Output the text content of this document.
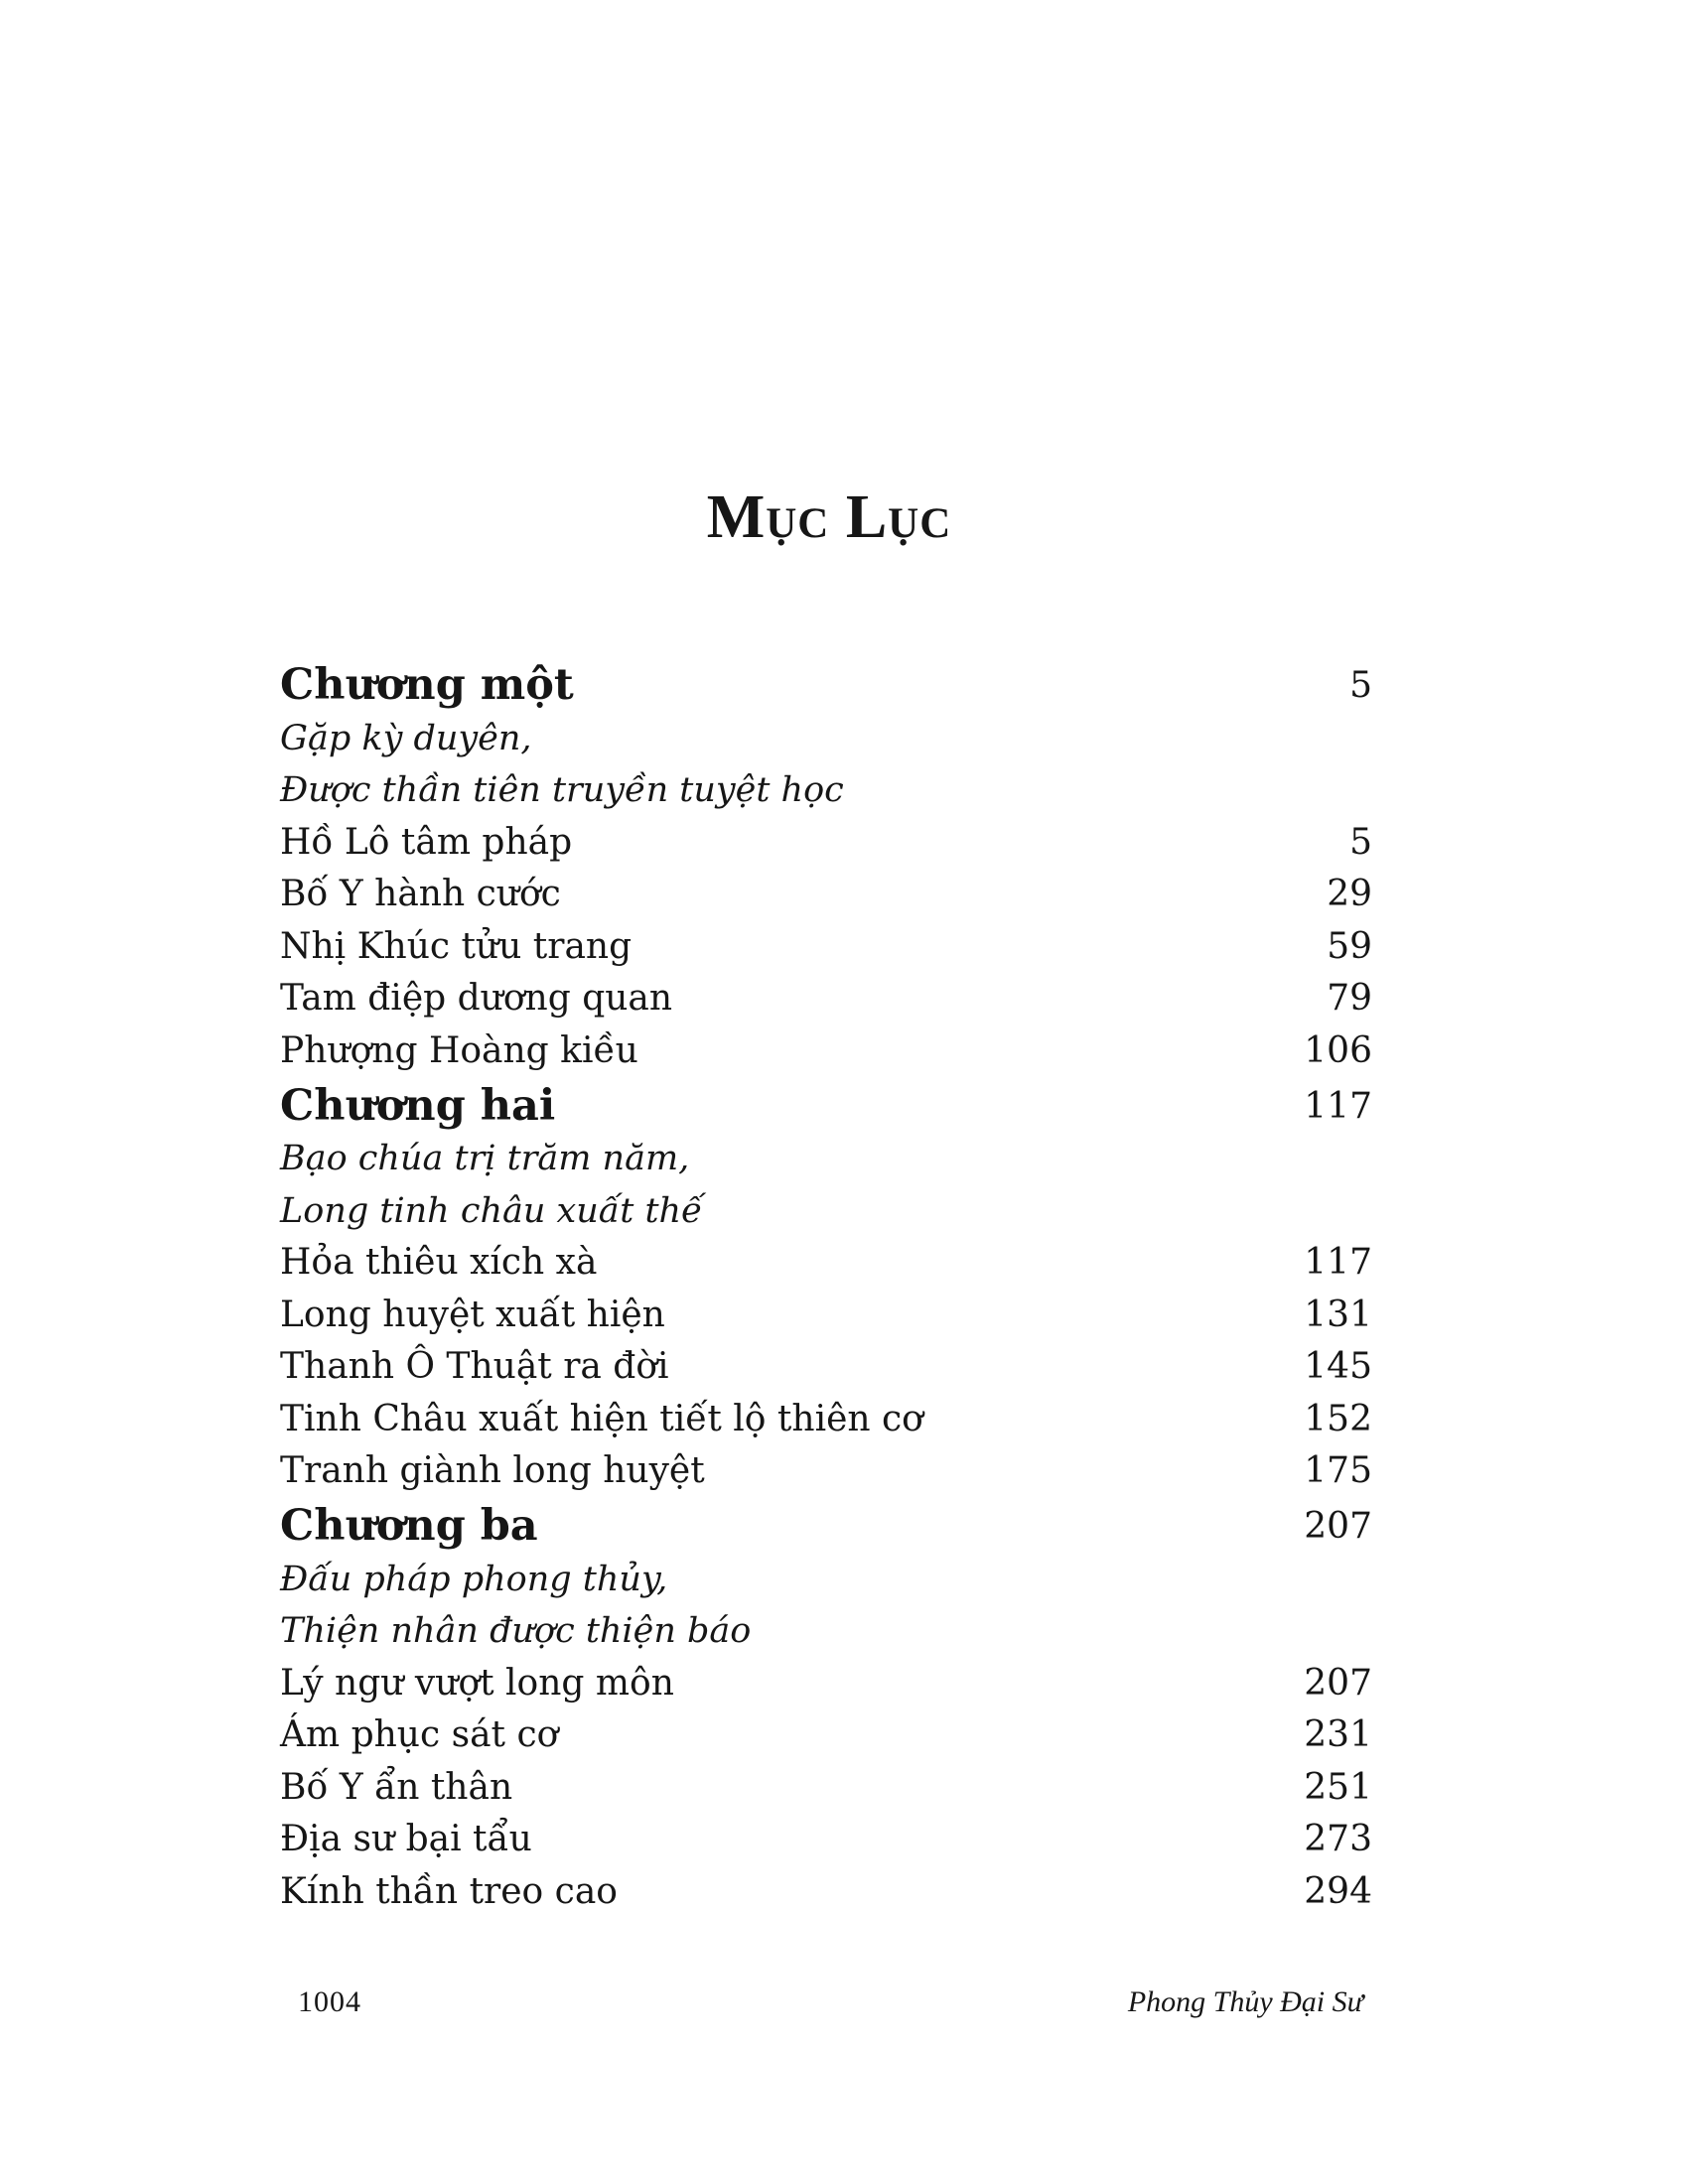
Mục Lục
Chương một	5
Gặp kỳ duyên,
Được thần tiên truyền tuyệt học
Hồ Lô tâm pháp	5
Bố Y hành cước	29
Nhị Khúc tửu trang	59
Tam điệp dương quan	79
Phượng Hoàng kiều	106
Chương hai	117
Bạo chúa trị trăm năm,
Long tinh châu xuất thế
Hỏa thiêu xích xà	117
Long huyệt xuất hiện	131
Thanh Ô Thuật ra đời	145
Tinh Châu xuất hiện tiết lộ thiên cơ	152
Tranh giành long huyệt	175
Chương ba	207
Đấu pháp phong thủy,
Thiện nhân được thiện báo
Lý ngư vượt long môn	207
Ám phục sát cơ	231
Bố Y ẩn thân	251
Địa sư bại tẩu	273
Kính thần treo cao	294
1004	Phong Thủy Đại Sư
